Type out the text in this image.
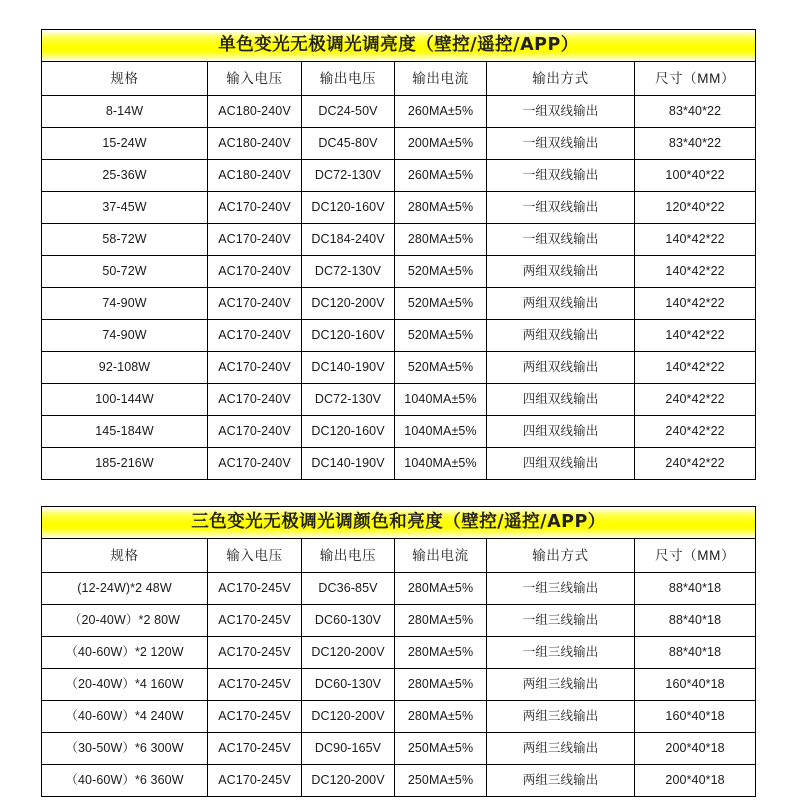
单色变光无极调光调亮度（壁控/遥控/APP）					

规格	输入电压	输出电压	输出电流	输出方式	尺寸（MM）
8-14W	AC180-240V	DC24-50V	260MA±5%	一组双线输出	83*40*22
15-24W	AC180-240V	DC45-80V	200MA±5%	一组双线输出	83*40*22
25-36W	AC180-240V	DC72-130V	260MA±5%	一组双线输出	100*40*22
37-45W	AC170-240V	DC120-160V	280MA±5%	一组双线输出	120*40*22
58-72W	AC170-240V	DC184-240V	280MA±5%	一组双线输出	140*42*22
50-72W	AC170-240V	DC72-130V	520MA±5%	两组双线输出	140*42*22
74-90W	AC170-240V	DC120-200V	520MA±5%	两组双线输出	140*42*22
74-90W	AC170-240V	DC120-160V	520MA±5%	两组双线输出	140*42*22
92-108W	AC170-240V	DC140-190V	520MA±5%	两组双线输出	140*42*22
100-144W	AC170-240V	DC72-130V	1040MA±5%	四组双线输出	240*42*22
145-184W	AC170-240V	DC120-160V	1040MA±5%	四组双线输出	240*42*22
185-216W	AC170-240V	DC140-190V	1040MA±5%	四组双线输出	240*42*22
三色变光无极调光调颜色和亮度（壁控/遥控/APP）					

规格	输入电压	输出电压	输出电流	输出方式	尺寸（MM）
(12-24W)*2 48W	AC170-245V	DC36-85V	280MA±5%	一组三线输出	88*40*18
（20-40W）*2 80W	AC170-245V	DC60-130V	280MA±5%	一组三线输出	88*40*18
（40-60W）*2 120W	AC170-245V	DC120-200V	280MA±5%	一组三线输出	88*40*18
（20-40W）*4 160W	AC170-245V	DC60-130V	280MA±5%	两组三线输出	160*40*18
（40-60W）*4 240W	AC170-245V	DC120-200V	280MA±5%	两组三线输出	160*40*18
（30-50W）*6 300W	AC170-245V	DC90-165V	250MA±5%	两组三线输出	200*40*18
（40-60W）*6 360W	AC170-245V	DC120-200V	250MA±5%	两组三线输出	200*40*18
